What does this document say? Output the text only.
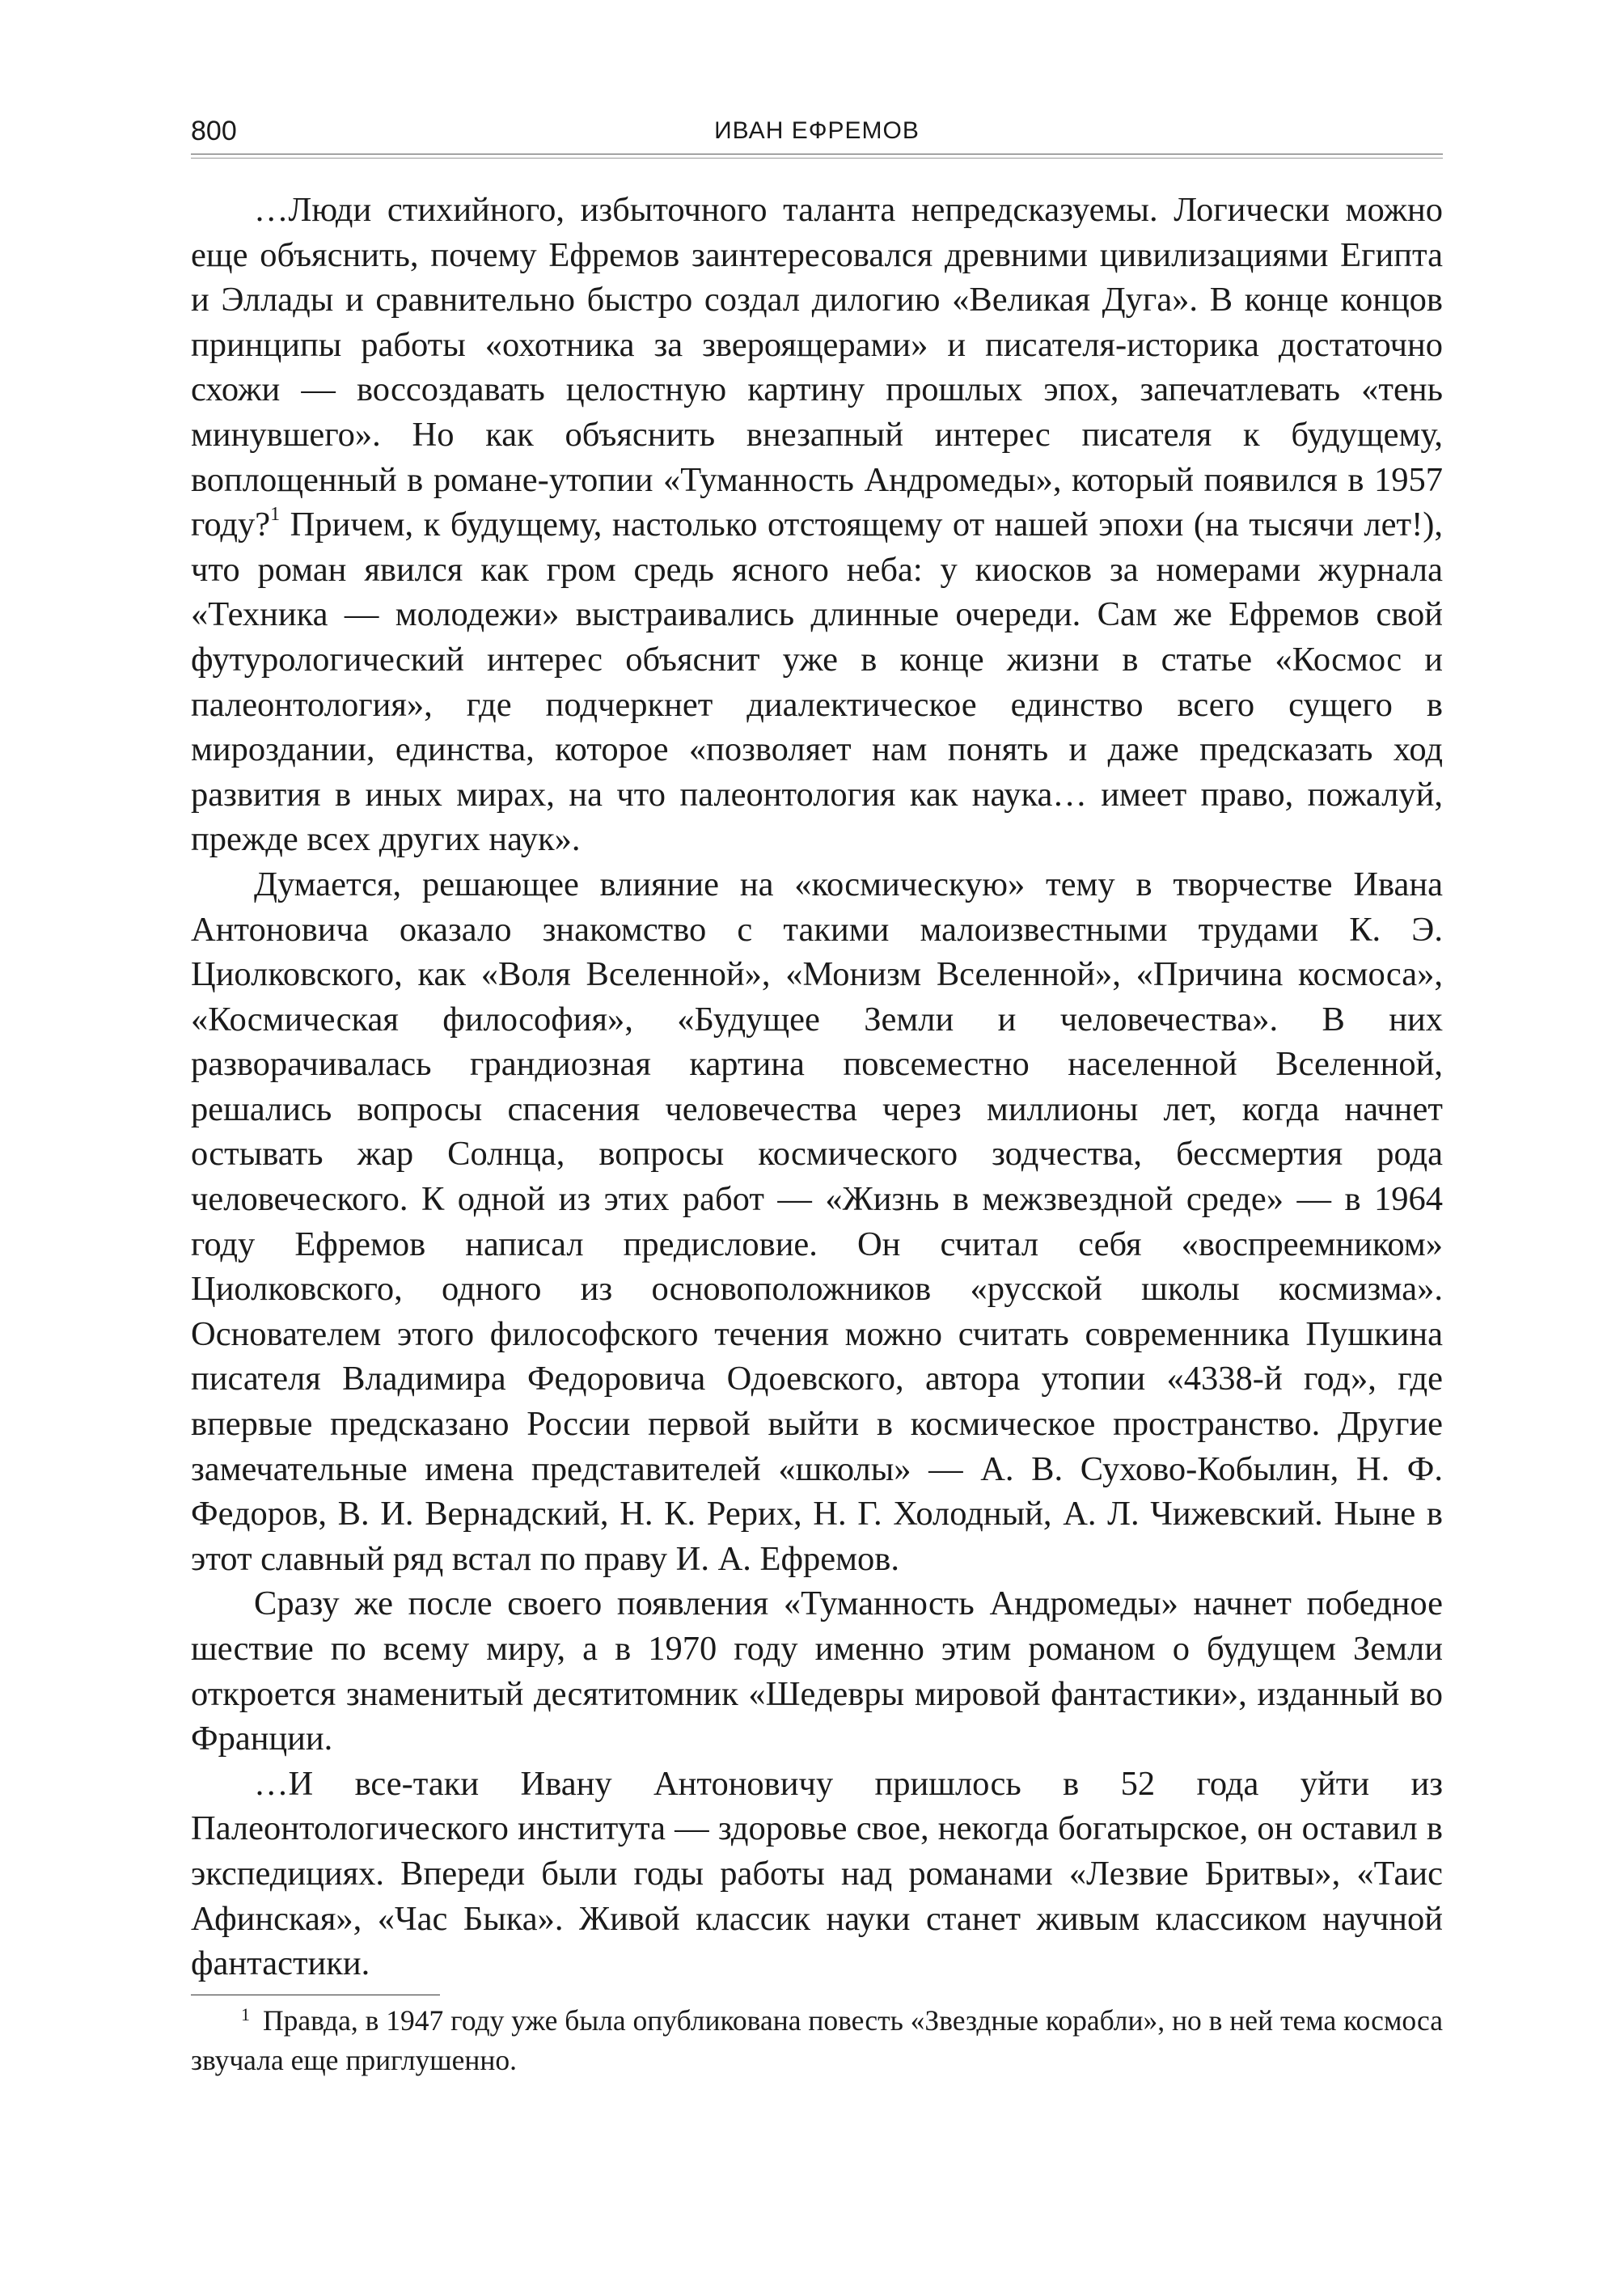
800	ИВАН ЕФРЕМОВ

…Люди стихийного, избыточного таланта непредсказуемы. Логически можно еще объяснить, почему Ефремов заинтересовался древними цивилизациями Египта и Эллады и сравнительно быстро создал дилогию «Великая Дуга». В конце концов принципы работы «охотника за звероящерами» и писателя-историка достаточно схожи — воссоздавать целостную картину прошлых эпох, запечатлевать «тень минувшего». Но как объяснить внезапный интерес писателя к будущему, воплощенный в романе-утопии «Туманность Андромеды», который появился в 1957 году?$^1$ Причем, к будущему, настолько отстоящему от нашей эпохи (на тысячи лет!), что роман явился как гром средь ясного неба: у киосков за номерами журнала «Техника — молодежи» выстраивались длинные очереди. Сам же Ефремов свой футурологический интерес объяснит уже в конце жизни в статье «Космос и палеонтология», где подчеркнет диалектическое единство всего сущего в мироздании, единства, которое «позволяет нам понять и даже предсказать ход развития в иных мирах, на что палеонтология как наука… имеет право, пожалуй, прежде всех других наук».

Думается, решающее влияние на «космическую» тему в творчестве Ивана Антоновича оказало знакомство с такими малоизвестными трудами К. Э. Циолковского, как «Воля Вселенной», «Монизм Вселенной», «Причина космоса», «Космическая философия», «Будущее Земли и человечества». В них разворачивалась грандиозная картина повсеместно населенной Вселенной, решались вопросы спасения человечества через миллионы лет, когда начнет остывать жар Солнца, вопросы космического зодчества, бессмертия рода человеческого. К одной из этих работ — «Жизнь в межзвездной среде» — в 1964 году Ефремов написал предисловие. Он считал себя «воспреемником» Циолковского, одного из основоположников «русской школы космизма». Основателем этого философского течения можно считать современника Пушкина писателя Владимира Федоровича Одоевского, автора утопии «4338-й год», где впервые предсказано России первой выйти в космическое пространство. Другие замечательные имена представителей «школы» — А. В. Сухово-Кобылин, Н. Ф. Федоров, В. И. Вернадский, Н. К. Рерих, Н. Г. Холодный, А. Л. Чижевский. Ныне в этот славный ряд встал по праву И. А. Ефремов.

Сразу же после своего появления «Туманность Андромеды» начнет победное шествие по всему миру, а в 1970 году именно этим романом о будущем Земли откроется знаменитый десятитомник «Шедевры мировой фантастики», изданный во Франции.

…И все-таки Ивану Антоновичу пришлось в 52 года уйти из Палеонтологического института — здоровье свое, некогда богатырское, он оставил в экспедициях. Впереди были годы работы над романами «Лезвие Бритвы», «Таис Афинская», «Час Быка». Живой классик науки станет живым классиком научной фантастики.

$^1$ Правда, в 1947 году уже была опубликована повесть «Звездные корабли», но в ней тема космоса звучала еще приглушенно.
